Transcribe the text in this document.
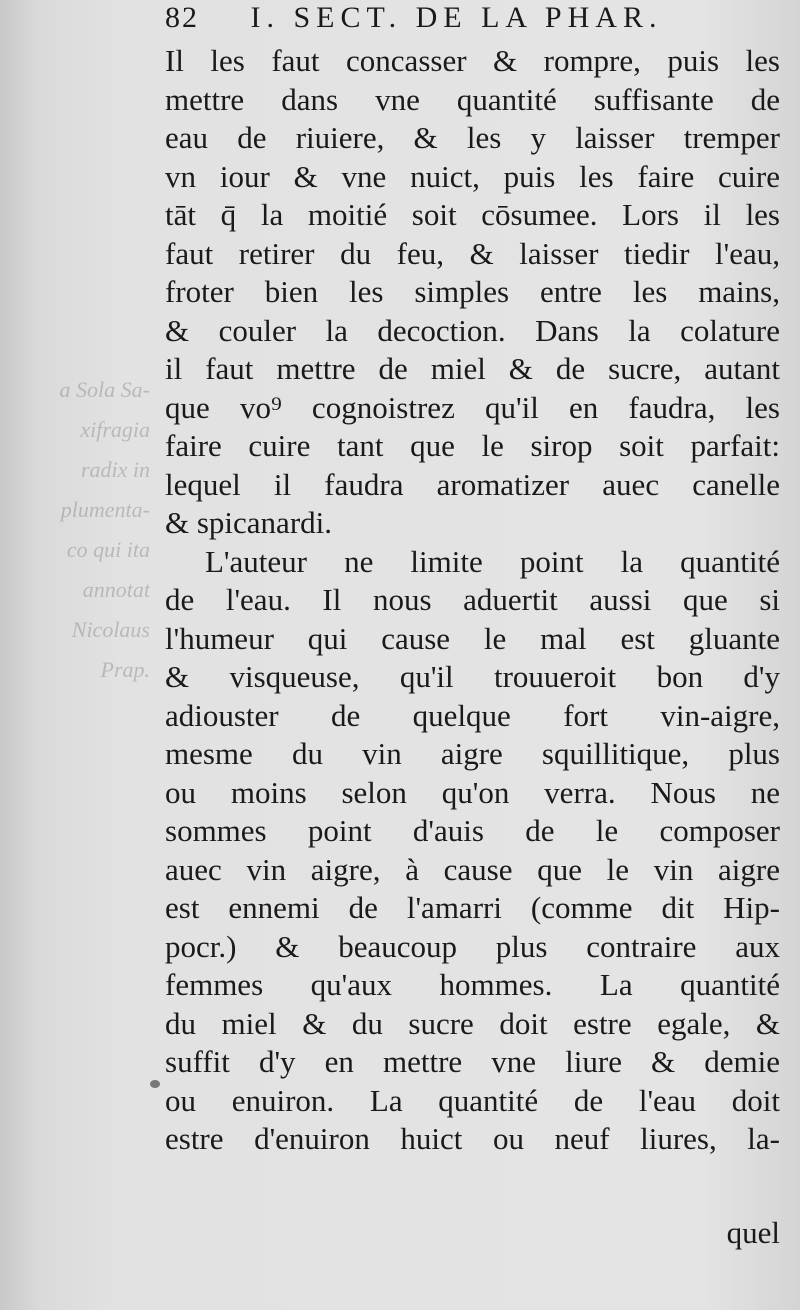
82 I. SECT. DE LA PHAR.
a Sola Sa-
xifragia
radix in
plumenta-
co qui ita
annotat
Nicolaus
Prap.
Il les faut concasser & rompre, puis les
mettre dans vne quantité suffisante de
eau de riuiere, & les y laisser tremper
vn iour & vne nuict, puis les faire cuire
tāt q̄ la moitié soit cōsumee. Lors il les
faut retirer du feu, & laisser tiedir l'eau,
froter bien les simples entre les mains,
& couler la decoction. Dans la colature
il faut mettre de miel & de sucre, autant
que vo⁹ cognoistrez qu'il en faudra, les
faire cuire tant que le sirop soit parfait:
lequel il faudra aromatizer auec canelle
& spicanardi.
L'auteur ne limite point la quantité
de l'eau. Il nous aduertit aussi que si
l'humeur qui cause le mal est gluante
& visqueuse, qu'il trouueroit bon d'y
adiouster de quelque fort vin-aigre,
mesme du vin aigre squillitique, plus
ou moins selon qu'on verra. Nous ne
sommes point d'auis de le composer
auec vin aigre, à cause que le vin aigre
est ennemi de l'amarri (comme dit Hip-
pocr.) & beaucoup plus contraire aux
femmes qu'aux hommes. La quantité
du miel & du sucre doit estre egale, &
suffit d'y en mettre vne liure & demie
ou enuiron. La quantité de l'eau doit
estre d'enuiron huict ou neuf liures, la-
quel
